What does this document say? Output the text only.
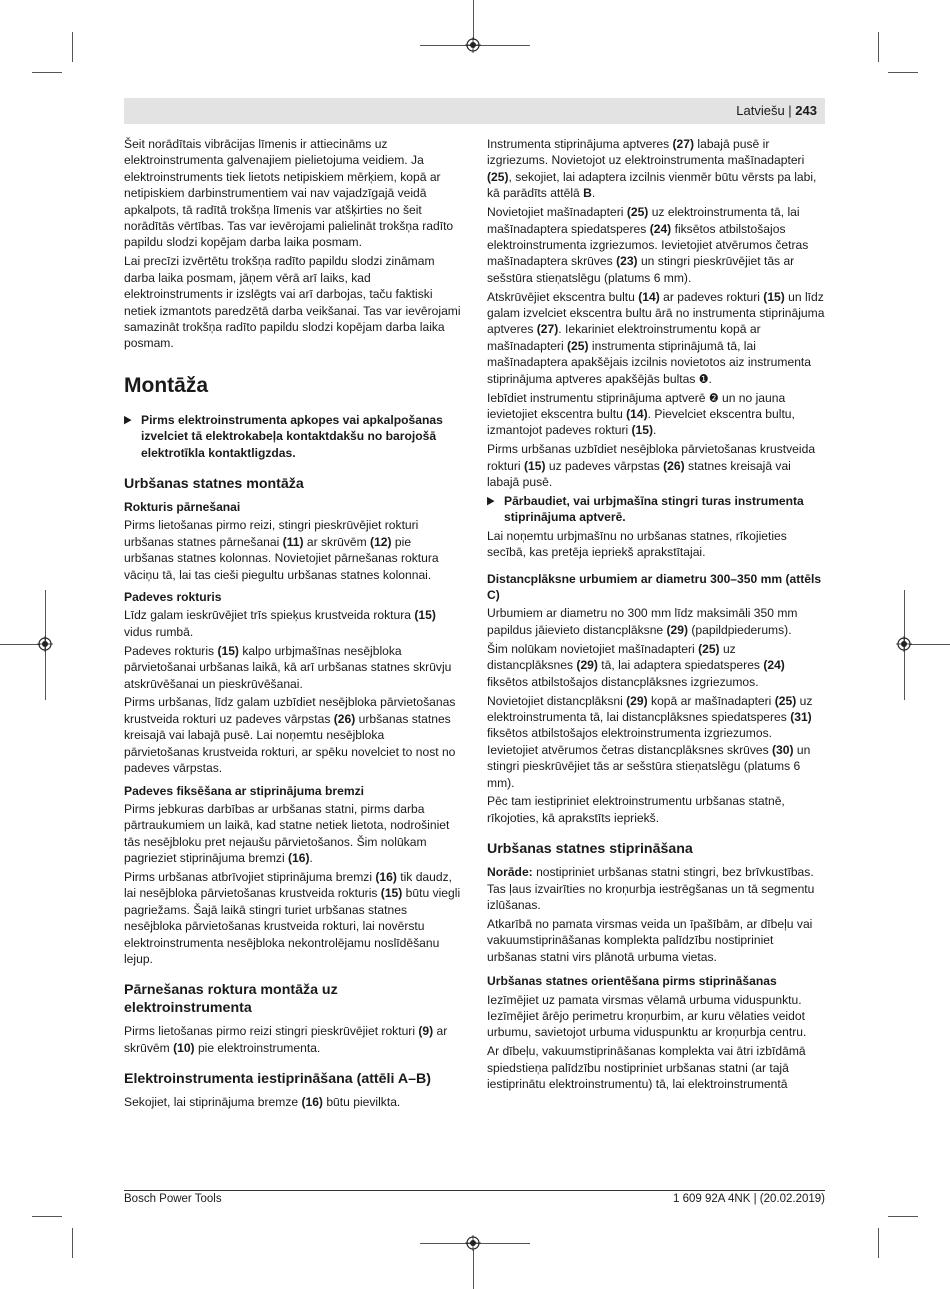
Latviešu | 243

Šeit norādītais vibrācijas līmenis ir attiecināms uz elektroinstrumenta galvenajiem pielietojuma veidiem. Ja elektroinstruments tiek lietots netipiskiem mērķiem, kopā ar netipiskiem darbinstrumentiem vai nav vajadzīgajā veidā apkalpots, tā radītā trokšņa līmenis var atšķirties no šeit norādītās vērtības. Tas var ievērojami palielināt trokšņa radīto papildu slodzi kopējam darba laika posmam.

Lai precīzi izvērtētu trokšņa radīto papildu slodzi zināmam darba laika posmam, jāņem vērā arī laiks, kad elektroinstruments ir izslēgts vai arī darbojas, taču faktiski netiek izmantots paredzētā darba veikšanai. Tas var ievērojami samazināt trokšņa radīto papildu slodzi kopējam darba laika posmam.

Montāža
▶ Pirms elektroinstrumenta apkopes vai apkalpošanas izvelciet tā elektrokabeļa kontaktdakšu no barojošā elektrotīkla kontaktligzdas.
Urbšanas statnes montāža
Rokturis pārnešanai

Pirms lietošanas pirmo reizi, stingri pieskrūvējiet rokturi urbšanas statnes pārnešanai (11) ar skrūvēm (12) pie urbšanas statnes kolonnas. Novietojiet pārnešanas roktura vāciņu tā, lai tas cieši piegultu urbšanas statnes kolonnai.

Padeves rokturis

Līdz galam ieskrūvējiet trīs spieķus krustveida roktura (15) vidus rumbā.

Padeves rokturis (15) kalpo urbjmašīnas nesējbloka pārvietošanai urbšanas laikā, kā arī urbšanas statnes skrūvju atskrūvēšanai un pieskrūvēšanai.

Pirms urbšanas, līdz galam uzbīdiet nesējbloka pārvietošanas krustveida rokturi uz padeves vārpstas (26) urbšanas statnes kreisajā vai labajā pusē. Lai noņemtu nesējbloka pārvietošanas krustveida rokturi, ar spēku novelciet to nost no padeves vārpstas.

Padeves fiksēšana ar stiprinājuma bremzi

Pirms jebkuras darbības ar urbšanas statni, pirms darba pārtraukumiem un laikā, kad statne netiek lietota, nodrošiniet tās nesējbloku pret nejaušu pārvietošanos. Šim nolūkam pagrieziet stiprinājuma bremzi (16).

Pirms urbšanas atbrīvojiet stiprinājuma bremzi (16) tik daudz, lai nesējbloka pārvietošanas krustveida rokturis (15) būtu viegli pagriežams. Šajā laikā stingri turiet urbšanas statnes nesējbloka pārvietošanas krustveida rokturi, lai novērstu elektroinstrumenta nesējbloka nekontrolējamu noslīdēšanu lejup.

Pārnešanas roktura montāža uz elektroinstrumenta

Pirms lietošanas pirmo reizi stingri pieskrūvējiet rokturi (9) ar skrūvēm (10) pie elektroinstrumenta.

Elektroinstrumenta iestiprināšana (attēli A–B)

Sekojiet, lai stiprinājuma bremze (16) būtu pievilkta.

Instrumenta stiprinājuma aptveres (27) labajā pusē ir izgriezums. Novietojot uz elektroinstrumenta mašīnadapteri (25), sekojiet, lai adaptera izcilnis vienmēr būtu vērsts pa labi, kā parādīts attēlā B.

Novietojiet mašīnadapteri (25) uz elektroinstrumenta tā, lai mašīnadaptera spiedatsperes (24) fiksētos atbilstošajos elektroinstrumenta izgriezumos. Ievietojiet atvērumos četras mašīnadaptera skrūves (23) un stingri pieskrūvējiet tās ar sešstūra stieņatslēgu (platums 6 mm).

Atskrūvējiet ekscentra bultu (14) ar padeves rokturi (15) un līdz galam izvelciet ekscentra bultu ārā no instrumenta stiprinājuma aptveres (27). Iekariniet elektroinstrumentu kopā ar mašīnadapteri (25) instrumenta stiprinājumā tā, lai mašīnadaptera apakšējais izcilnis novietotos aiz instrumenta stiprinājuma aptveres apakšējās bultas ❶.

Iebīdiet instrumentu stiprinājuma aptverē ❷ un no jauna ievietojiet ekscentra bultu (14). Pievelciet ekscentra bultu, izmantojot padeves rokturi (15).

Pirms urbšanas uzbīdiet nesējbloka pārvietošanas krustveida rokturi (15) uz padeves vārpstas (26) statnes kreisajā vai labajā pusē.

▶ Pārbaudiet, vai urbjmašīna stingri turas instrumenta stiprinājuma aptverē.

Lai noņemtu urbjmašīnu no urbšanas statnes, rīkojieties secībā, kas pretēja iepriekš aprakstītajai.

Distancplāksne urbumiem ar diametru 300–350 mm (attēls C)

Urbumiem ar diametru no 300 mm līdz maksimāli 350 mm papildus jāievieto distancplāksne (29) (papildpiederums).

Šim nolūkam novietojiet mašīnadapteri (25) uz distancplāksnes (29) tā, lai adaptera spiedatsperes (24) fiksētos atbilstošajos distancplāksnes izgriezumos.

Novietojiet distancplāksni (29) kopā ar mašīnadapteri (25) uz elektroinstrumenta tā, lai distancplāksnes spiedatsperes (31) fiksētos atbilstošajos elektroinstrumenta izgriezumos. Ievietojiet atvērumos četras distancplāksnes skrūves (30) un stingri pieskrūvējiet tās ar sešstūra stieņatslēgu (platums 6 mm).

Pēc tam iestipriniet elektroinstrumentu urbšanas statnē, rīkojoties, kā aprakstīts iepriekš.

Urbšanas statnes stiprināšana

Norāde: nostipriniet urbšanas statni stingri, bez brīvkustības. Tas ļaus izvairīties no kroņurbja iestrēgšanas un tā segmentu izlūšanas.

Atkarībā no pamata virsmas veida un īpašībām, ar dībeļu vai vakuumstiprināšanas komplekta palīdzību nostipriniet urbšanas statni virs plānotā urbuma vietas.

Urbšanas statnes orientēšana pirms stiprināšanas

Iezīmējiet uz pamata virsmas vēlamā urbuma viduspunktu. Iezīmējiet ārējo perimetru kroņurbim, ar kuru vēlaties veidot urbumu, savietojot urbuma viduspunktu ar kroņurbja centru.

Ar dībeļu, vakuumstiprināšanas komplekta vai ātri izbīdāmā spiedstieņa palīdzību nostipriniet urbšanas statni (ar tajā iestiprinātu elektroinstrumentu) tā, lai elektroinstrumentā

Bosch Power Tools	1 609 92A 4NK | (20.02.2019)
